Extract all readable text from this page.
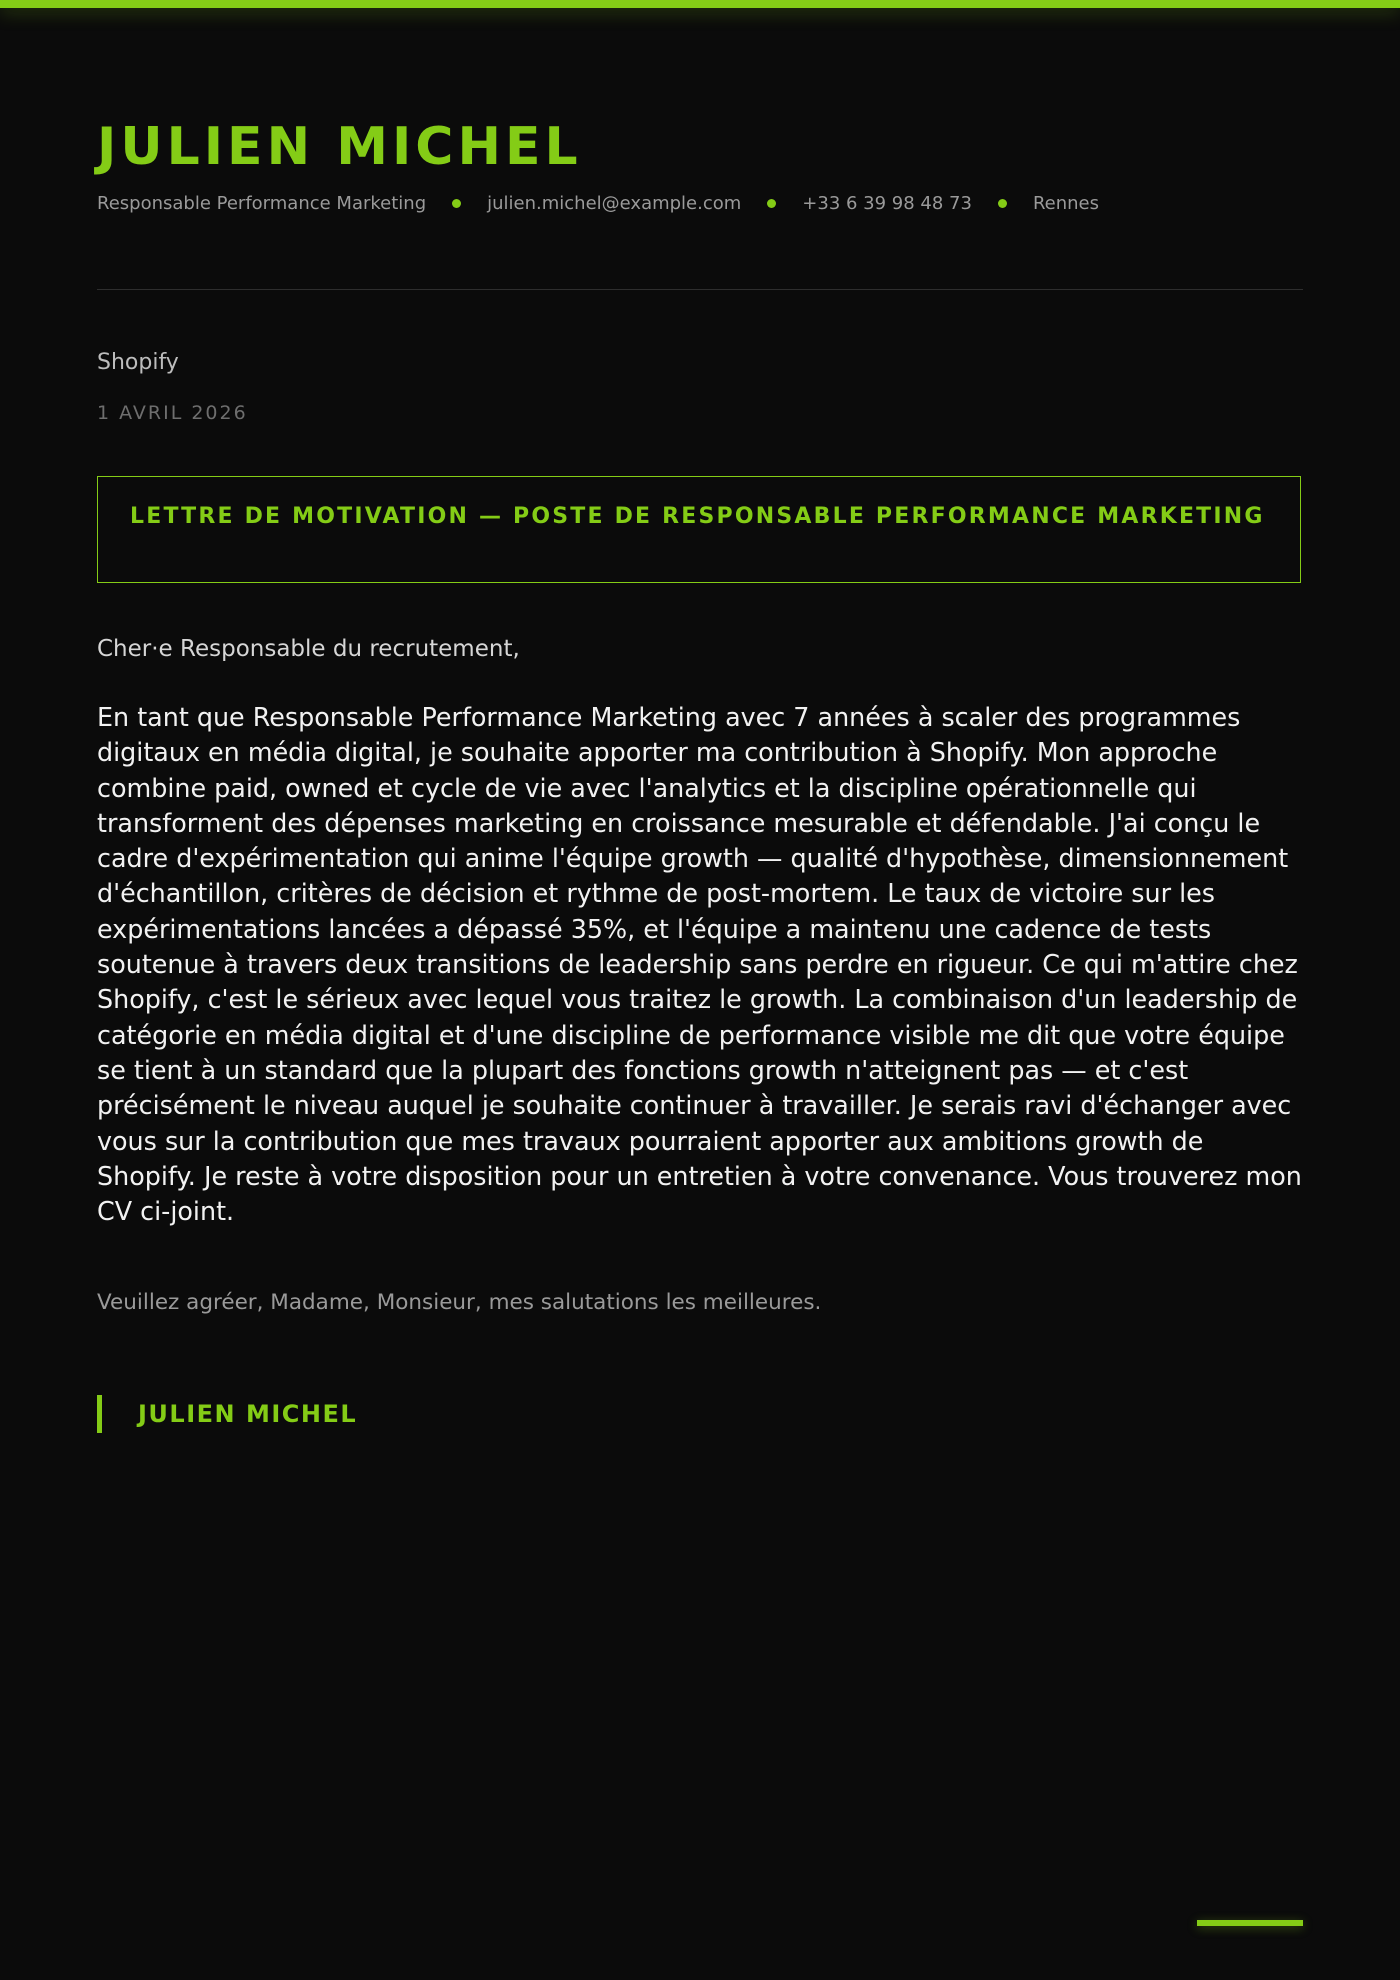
JULIEN MICHEL
Responsable Performance Marketing	julien.michel@example.com	+33 6 39 98 48 73	Rennes
Shopify
1 AVRIL 2026
LETTRE DE MOTIVATION — POSTE DE RESPONSABLE PERFORMANCE MARKETING
Cher·e Responsable du recrutement,

En tant que Responsable Performance Marketing avec 7 années à scaler des programmes digitaux en média digital, je souhaite apporter ma contribution à Shopify. Mon approche combine paid, owned et cycle de vie avec l'analytics et la discipline opérationnelle qui transforment des dépenses marketing en croissance mesurable et défendable. J'ai conçu le cadre d'expérimentation qui anime l'équipe growth — qualité d'hypothèse, dimensionnement d'échantillon, critères de décision et rythme de post-mortem. Le taux de victoire sur les expérimentations lancées a dépassé 35%, et l'équipe a maintenu une cadence de tests soutenue à travers deux transitions de leadership sans perdre en rigueur. Ce qui m'attire chez Shopify, c'est le sérieux avec lequel vous traitez le growth. La combinaison d'un leadership de catégorie en média digital et d'une discipline de performance visible me dit que votre équipe se tient à un standard que la plupart des fonctions growth n'atteignent pas — et c'est précisément le niveau auquel je souhaite continuer à travailler. Je serais ravi d'échanger avec vous sur la contribution que mes travaux pourraient apporter aux ambitions growth de Shopify. Je reste à votre disposition pour un entretien à votre convenance. Vous trouverez mon CV ci-joint.

Veuillez agréer, Madame, Monsieur, mes salutations les meilleures.
JULIEN MICHEL
